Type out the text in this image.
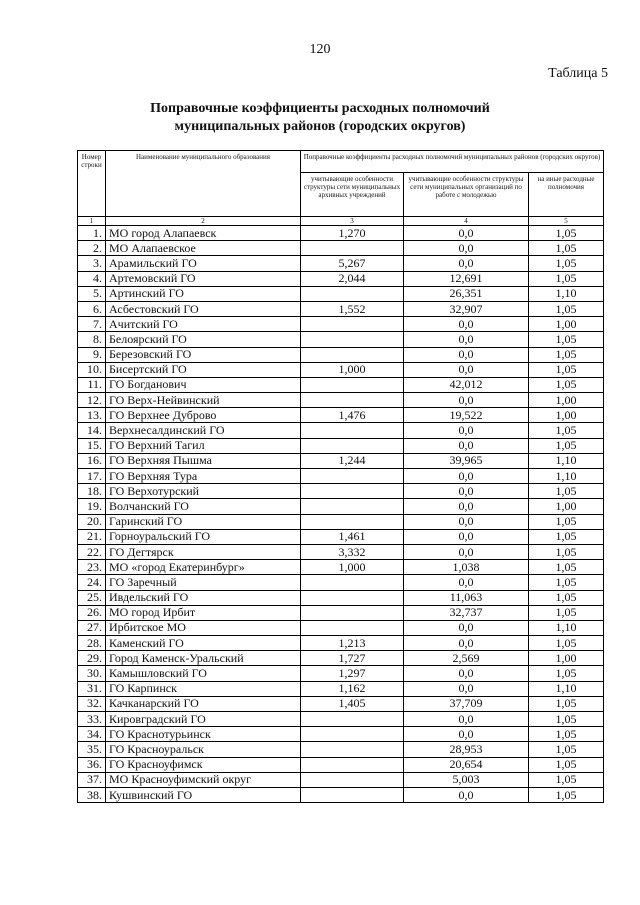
120
Таблица 5
Поправочные коэффициенты расходных полномочий
муниципальных районов (городских округов)
Номер строки	Наименование муниципального образования	Поправочные коэффициенты расходных полномочий муниципальных районов (городских округов)		
		учитывающие особенности структуры сети муниципальных архивных учреждений	учитывающие особенности структуры сети муниципальных организаций по работе с молодежью	на иные расходные полномочия
1	2	3	4	5
1.	МО город Алапаевск	1,270	0,0	1,05
2.	МО Алапаевское		0,0	1,05
3.	Арамильский ГО	5,267	0,0	1,05
4.	Артемовский ГО	2,044	12,691	1,05
5.	Артинский ГО		26,351	1,10
6.	Асбестовский ГО	1,552	32,907	1,05
7.	Ачитский ГО		0,0	1,00
8.	Белоярский ГО		0,0	1,05
9.	Березовский ГО		0,0	1,05
10.	Бисертский ГО	1,000	0,0	1,05
11.	ГО Богданович		42,012	1,05
12.	ГО Верх-Нейвинский		0,0	1,00
13.	ГО Верхнее Дуброво	1,476	19,522	1,00
14.	Верхнесалдинский ГО		0,0	1,05
15.	ГО Верхний Тагил		0,0	1,05
16.	ГО Верхняя Пышма	1,244	39,965	1,10
17.	ГО Верхняя Тура		0,0	1,10
18.	ГО Верхотурский		0,0	1,05
19.	Волчанский ГО		0,0	1,00
20.	Гаринский ГО		0,0	1,05
21.	Горноуральский ГО	1,461	0,0	1,05
22.	ГО Дегтярск	3,332	0,0	1,05
23.	МО «город Екатеринбург»	1,000	1,038	1,05
24.	ГО Заречный		0,0	1,05
25.	Ивдельский ГО		11,063	1,05
26.	МО город Ирбит		32,737	1,05
27.	Ирбитское МО		0,0	1,10
28.	Каменский ГО	1,213	0,0	1,05
29.	Город Каменск-Уральский	1,727	2,569	1,00
30.	Камышловский ГО	1,297	0,0	1,05
31.	ГО Карпинск	1,162	0,0	1,10
32.	Качканарский ГО	1,405	37,709	1,05
33.	Кировградский ГО		0,0	1,05
34.	ГО Краснотурьинск		0,0	1,05
35.	ГО Красноуральск		28,953	1,05
36.	ГО Красноуфимск		20,654	1,05
37.	МО Красноуфимский округ		5,003	1,05
38.	Кушвинский ГО		0,0	1,05
